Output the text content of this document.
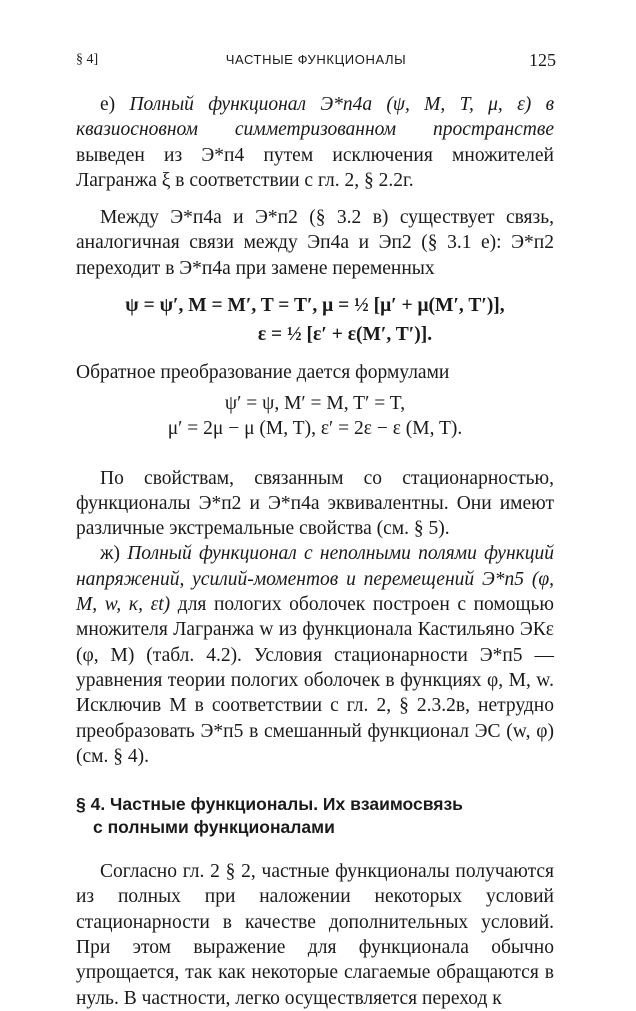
§ 4]	ЧАСТНЫЕ ФУНКЦИОНАЛЫ	125

е) Полный функционал Э*п4а (ψ, M, T, μ, ε) в квазиосновном симметризованном пространстве выведен из Э*п4 путем исключения множителей Лагранжа ξ в соответствии с гл. 2, § 2.2г.

Между Э*п4а и Э*п2 (§ 3.2 в) существует связь, аналогичная связи между Эп4а и Эп2 (§ 3.1 е): Э*п2 переходит в Э*п4а при замене переменных

ψ = ψ′, M = M′, T = T′, μ = ½ [μ′ + μ(M′, T′)],
ε = ½ [ε′ + ε(M′, T′)].

Обратное преобразование дается формулами

ψ′ = ψ, M′ = M, T′ = T,
μ′ = 2μ − μ (M, T), ε′ = 2ε − ε (M, T).

По свойствам, связанным со стационарностью, функционалы Э*п2 и Э*п4а эквивалентны. Они имеют различные экстремальные свойства (см. § 5).

ж) Полный функционал с неполными полями функций напряжений, усилий-моментов и перемещений Э*п5 (φ, M, w, κ, εt) для пологих оболочек построен с помощью множителя Лагранжа w из функционала Кастильяно ЭКε (φ, M) (табл. 4.2). Условия стационарности Э*п5 — уравнения теории пологих оболочек в функциях φ, M, w. Исключив M в соответствии с гл. 2, § 2.3.2в, нетрудно преобразовать Э*п5 в смешанный функционал ЭС (w, φ) (см. § 4).

§ 4. Частные функционалы. Их взаимосвязь
с полными функционалами

Согласно гл. 2 § 2, частные функционалы получаются из полных при наложении некоторых условий стационарности в качестве дополнительных условий. При этом выражение для функционала обычно упрощается, так как некоторые слагаемые обращаются в нуль. В частности, легко осуществляется переход к
